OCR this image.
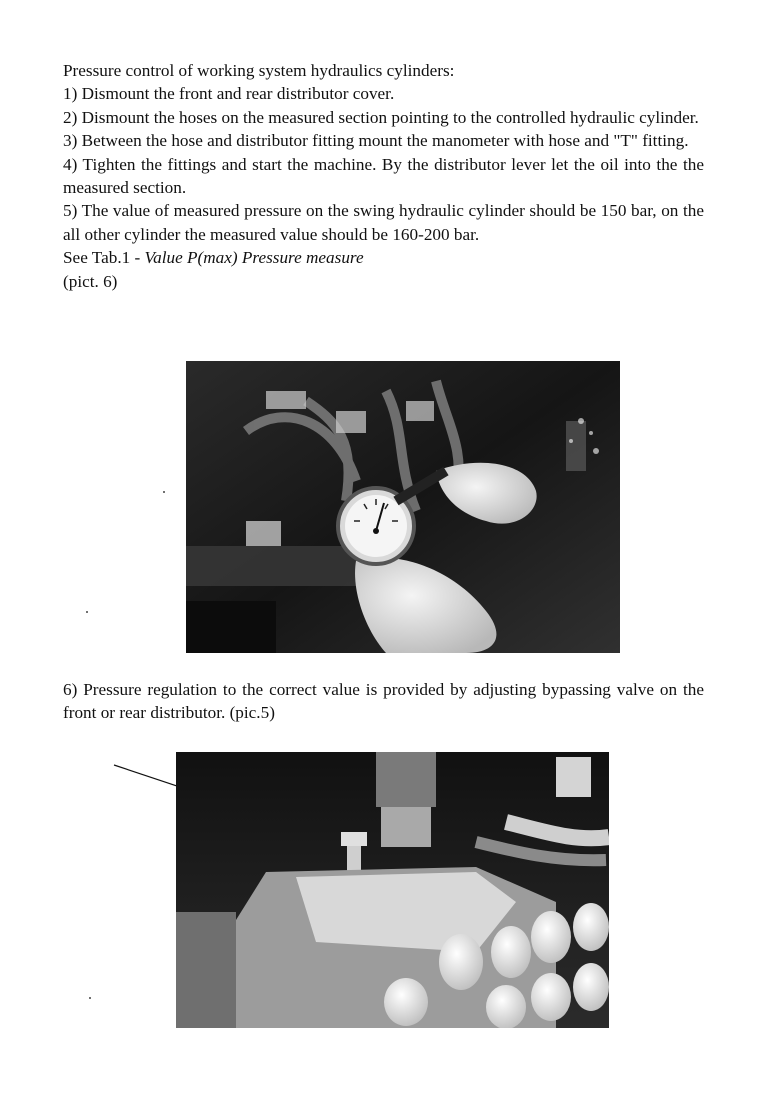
Pressure control of working system hydraulics cylinders:

1) Dismount the front and rear distributor cover.

2) Dismount the hoses on the measured section pointing to the controlled hydraulic cylinder.

3) Between the hose and distributor fitting mount the manometer with hose and "T" fitting.

4) Tighten the fittings and start the machine. By the distributor lever let the oil into the the measured section.

5) The value of measured pressure on the swing hydraulic cylinder should be 150 bar, on the all other cylinder the measured value should be 160-200 bar.

See Tab.1 - Value P(max) Pressure measure

(pict. 6)

6) Pressure regulation to the correct value is provided by adjusting bypassing valve on the front or rear distributor. (pic.5)
